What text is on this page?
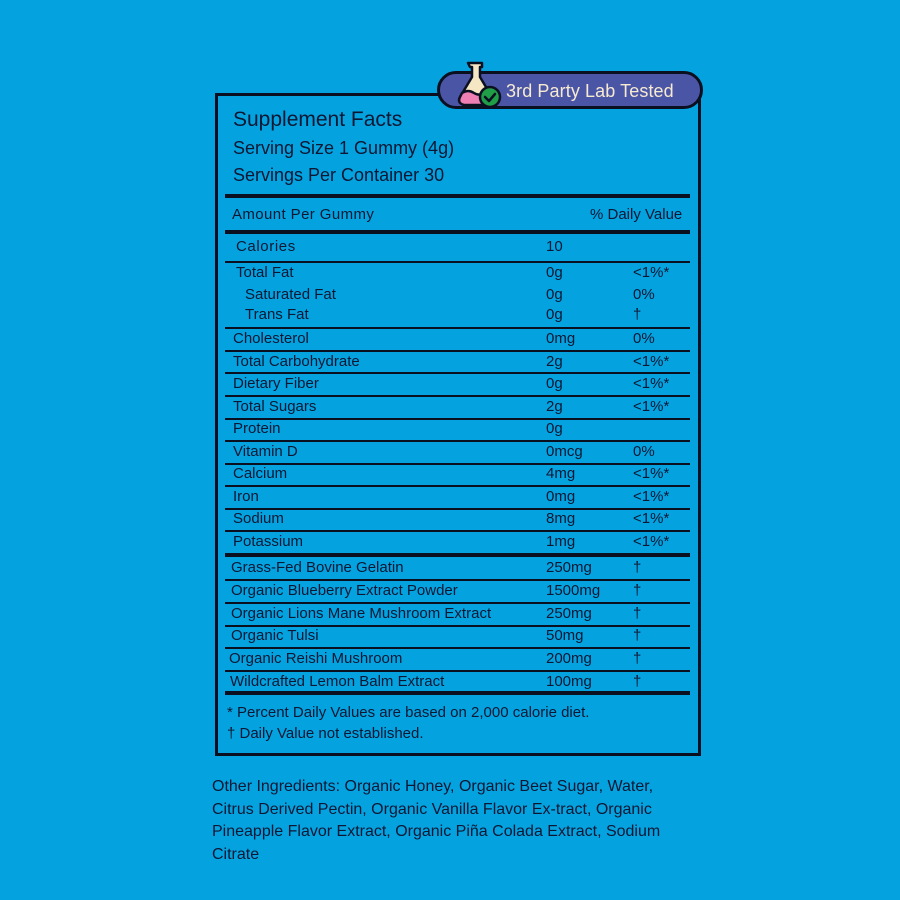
3rd Party Lab Tested
Supplement Facts
Serving Size 1 Gummy (4g)
Servings Per Container 30
Amount Per Gummy	% Daily Value
Calories	10
Total Fat	0g	<1%*
Saturated Fat	0g	0%
Trans Fat	0g	†
Cholesterol	0mg	0%
Total Carbohydrate	2g	<1%*
Dietary Fiber	0g	<1%*
Total Sugars	2g	<1%*
Protein	0g
Vitamin D	0mcg	0%
Calcium	4mg	<1%*
Iron	0mg	<1%*
Sodium	8mg	<1%*
Potassium	1mg	<1%*
Grass-Fed Bovine Gelatin	250mg	†
Organic Blueberry Extract Powder	1500mg †
Organic Lions Mane Mushroom Extract	250mg	†
Organic Tulsi	50mg	†
Organic Reishi Mushroom	200mg	†
Wildcrafted Lemon Balm Extract	100mg	†
* Percent Daily Values are based on 2,000 calorie diet.
† Daily Value not established.
Other Ingredients: Organic Honey, Organic Beet Sugar, Water, Citrus Derived Pectin, Organic Vanilla Flavor Ex-tract, Organic Pineapple Flavor Extract, Organic Piña Colada Extract, Sodium Citrate
